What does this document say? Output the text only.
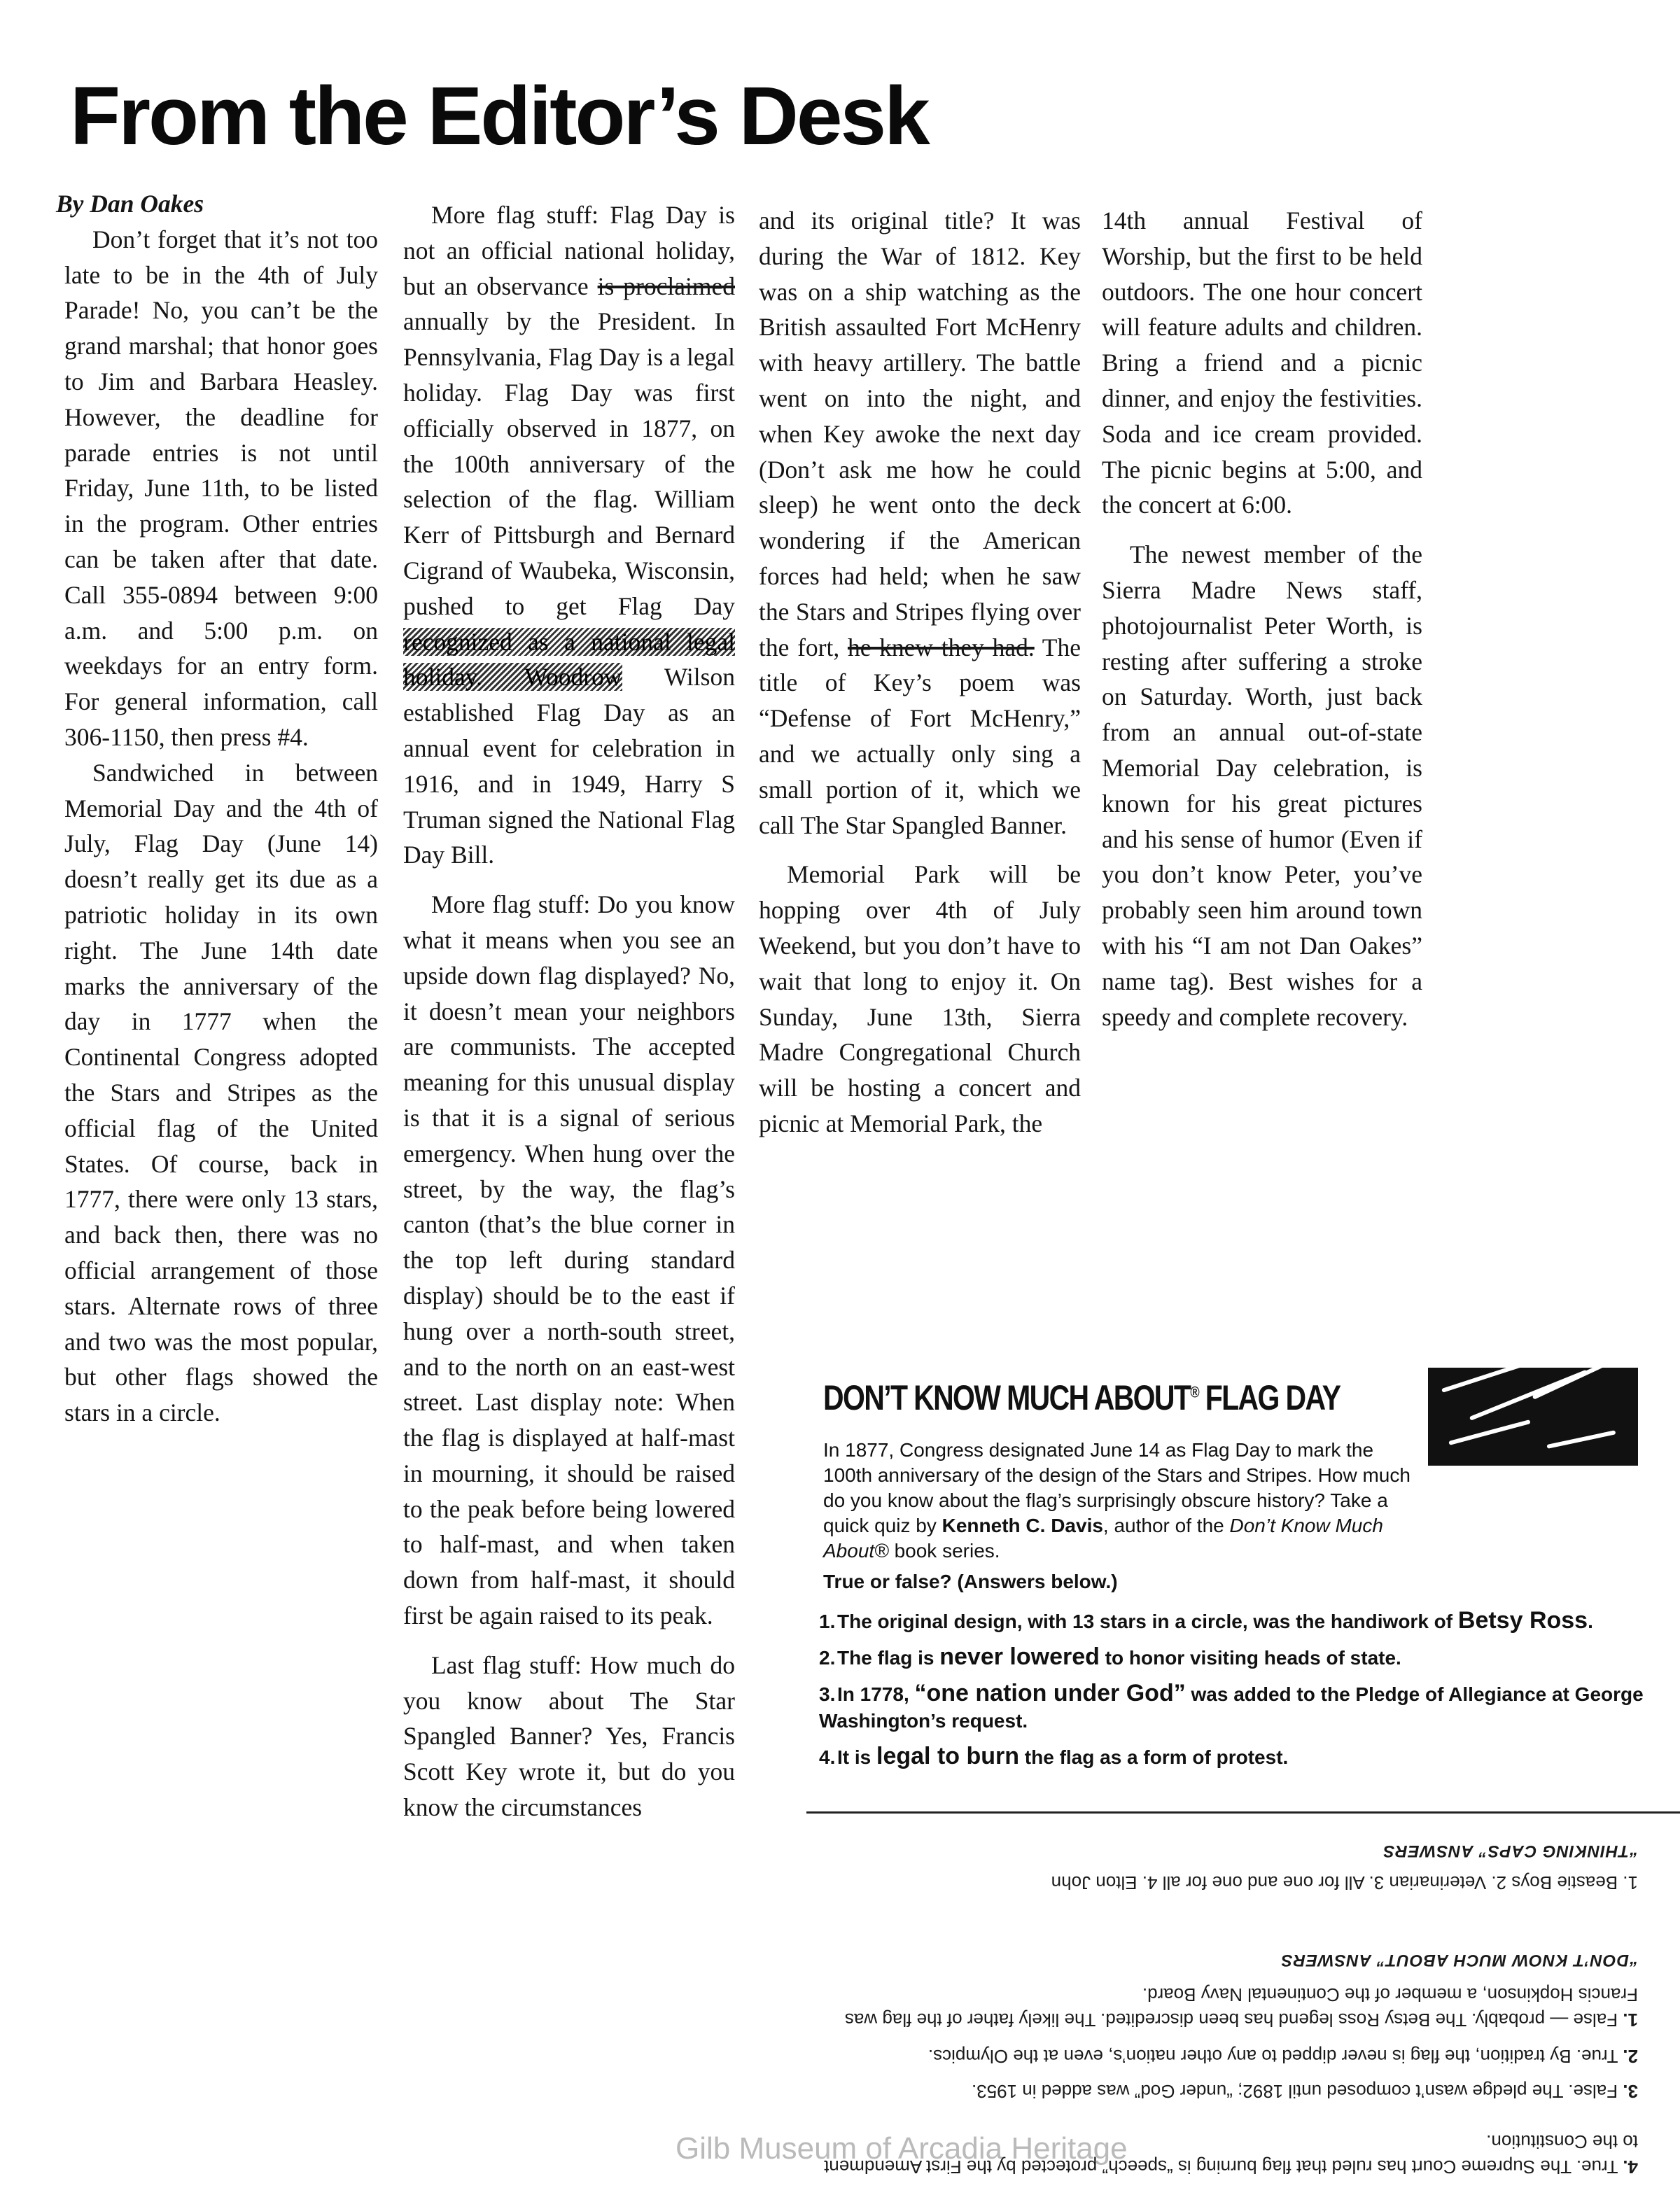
From the Editor’s Desk

By Dan Oakes

Don’t forget that it’s not too late to be in the 4th of July Parade! No, you can’t be the grand marshal; that honor goes to Jim and Barbara Heasley. However, the deadline for parade entries is not until Friday, June 11th, to be listed in the program. Other entries can be taken after that date. Call 355-0894 between 9:00 a.m. and 5:00 p.m. on weekdays for an entry form. For general information, call 306-1150, then press #4.

Sandwiched in between Memorial Day and the 4th of July, Flag Day (June 14) doesn’t really get its due as a patriotic holiday in its own right. The June 14th date marks the anniversary of the day in 1777 when the Continental Congress adopted the Stars and Stripes as the official flag of the United States. Of course, back in 1777, there were only 13 stars, and back then, there was no official arrangement of those stars. Alternate rows of three and two was the most popular, but other flags showed the stars in a circle.

More flag stuff: Flag Day is not an official national holiday, but an observance is proclaimed annually by the President. In Pennsylvania, Flag Day is a legal holiday. Flag Day was first officially observed in 1877, on the 100th anniversary of the selection of the flag. William Kerr of Pittsburgh and Bernard Cigrand of Waubeka, Wisconsin, pushed to get Flag Day recognized as a national legal holiday. Woodrow Wilson established Flag Day as an annual event for celebration in 1916, and in 1949, Harry S Truman signed the National Flag Day Bill.

More flag stuff: Do you know what it means when you see an upside down flag displayed? No, it doesn’t mean your neighbors are communists. The accepted meaning for this unusual display is that it is a signal of serious emergency. When hung over the street, by the way, the flag’s canton (that’s the blue corner in the top left during standard display) should be to the east if hung over a north-south street, and to the north on an east-west street. Last display note: When the flag is displayed at half-mast in mourning, it should be raised to the peak before being lowered to half-mast, and when taken down from half-mast, it should first be again raised to its peak.

Last flag stuff: How much do you know about The Star Spangled Banner? Yes, Francis Scott Key wrote it, but do you know the circumstances

and its original title? It was during the War of 1812. Key was on a ship watching as the British assaulted Fort McHenry with heavy artillery. The battle went on into the night, and when Key awoke the next day (Don’t ask me how he could sleep) he went onto the deck wondering if the American forces had held; when he saw the Stars and Stripes flying over the fort, he knew they had. The title of Key’s poem was “Defense of Fort McHenry,” and we actually only sing a small portion of it, which we call The Star Spangled Banner.

Memorial Park will be hopping over 4th of July Weekend, but you don’t have to wait that long to enjoy it. On Sunday, June 13th, Sierra Madre Congregational Church will be hosting a concert and picnic at Memorial Park, the

14th annual Festival of Worship, but the first to be held outdoors. The one hour concert will feature adults and children. Bring a friend and a picnic dinner, and enjoy the festivities. Soda and ice cream provided. The picnic begins at 5:00, and the concert at 6:00.

The newest member of the Sierra Madre News staff, photojournalist Peter Worth, is resting after suffering a stroke on Saturday. Worth, just back from an annual out-of-state Memorial Day celebration, is known for his great pictures and his sense of humor (Even if you don’t know Peter, you’ve probably seen him around town with his “I am not Dan Oakes” name tag). Best wishes for a speedy and complete recovery.

DON’T KNOW MUCH ABOUT® FLAG DAY
In 1877, Congress designated June 14 as Flag Day to mark the 100th anniversary of the design of the Stars and Stripes. How much do you know about the flag’s surprisingly obscure history? Take a quick quiz by Kenneth C. Davis, author of the Don’t Know Much About® book series.
True or false? (Answers below.)
1.The original design, with 13 stars in a circle, was the handiwork of Betsy Ross.
2.The flag is never lowered to honor visiting heads of state.
3.In 1778, “one nation under God” was added to the Pledge of Allegiance at George Washington’s request.
4.It is legal to burn the flag as a form of protest.
4. True. The Supreme Court has ruled that flag burning is “speech” protected by the First Amendment to the Constitution.
3. False. The pledge wasn’t composed until 1892; “under God” was added in 1953.
2. True. By tradition, the flag is never dipped to any other nation’s, even at the Olympics.
1. False — probably. The Betsy Ross legend has been discredited. The likely father of the flag was Francis Hopkinson, a member of the Continental Navy Board.
“DON’T KNOW MUCH ABOUT” ANSWERS
1. Beastie Boys 2. Veterinarian 3. All for one and one for all 4. Elton John
“THINKING CAPS” ANSWERS
Gilb Museum of Arcadia Heritage
